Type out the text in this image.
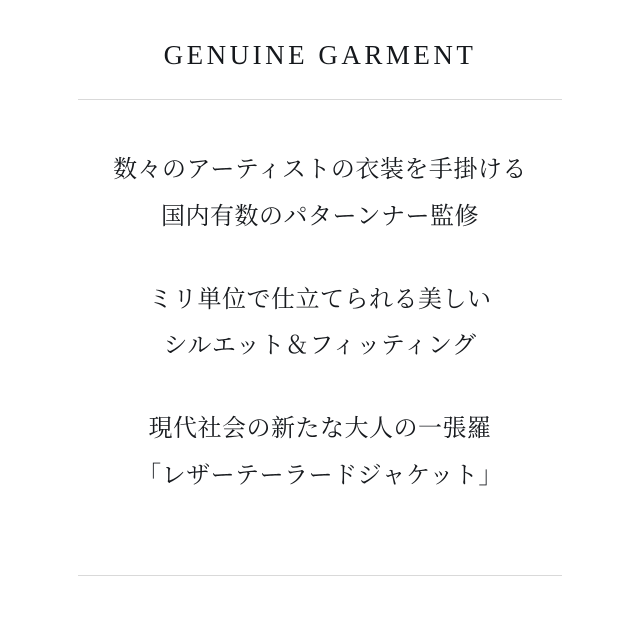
GENUINE GARMENT

数々のアーティストの衣装を手掛ける
国内有数のパターンナー監修

ミリ単位で仕立てられる美しい
シルエット＆フィッティング

現代社会の新たな大人の一張羅
「レザーテーラードジャケット」
